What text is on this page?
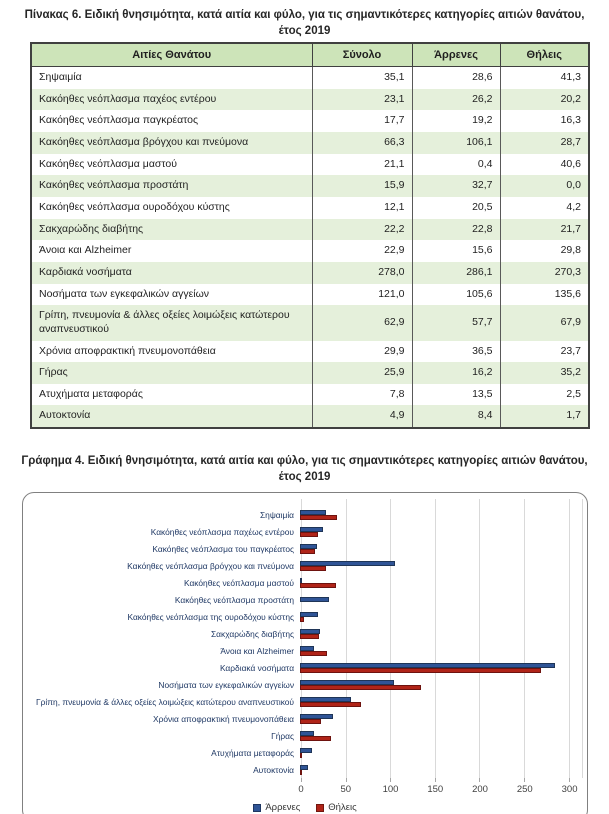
Πίνακας 6. Ειδική θνησιμότητα, κατά αιτία και φύλο, για τις σημαντικότερες κατηγορίες αιτιών θανάτου, έτος 2019
Αιτίες Θανάτου	Σύνολο	Άρρενες	Θήλεις
Σηψαιμία	35,1	28,6	41,3
Κακόηθες νεόπλασμα παχέος εντέρου	23,1	26,2	20,2
Κακόηθες νεόπλασμα παγκρέατος	17,7	19,2	16,3
Κακόηθες νεόπλασμα βρόγχου και πνεύμονα	66,3	106,1	28,7
Κακόηθες νεόπλασμα μαστού	21,1	0,4	40,6
Κακόηθες νεόπλασμα προστάτη	15,9	32,7	0,0
Κακόηθες νεόπλασμα ουροδόχου κύστης	12,1	20,5	4,2
Σακχαρώδης διαβήτης	22,2	22,8	21,7
Άνοια και Alzheimer	22,9	15,6	29,8
Καρδιακά νοσήματα	278,0	286,1	270,3
Νοσήματα των εγκεφαλικών αγγείων	121,0	105,6	135,6
Γρίπη, πνευμονία & άλλες οξείες λοιμώξεις κατώτερου αναπνευστικού	62,9	57,7	67,9
Χρόνια αποφρακτική πνευμονοπάθεια	29,9	36,5	23,7
Γήρας	25,9	16,2	35,2
Ατυχήματα μεταφοράς	7,8	13,5	2,5
Αυτοκτονία	4,9	8,4	1,7
Γράφημα 4. Ειδική θνησιμότητα, κατά αιτία και φύλο, για τις σημαντικότερες κατηγορίες αιτιών θανάτου, έτος 2019
Σηψαιμία
Κακόηθες νεόπλασμα παχέως εντέρου
Κακόηθες νεόπλασμα του παγκρέατος
Κακόηθες νεόπλασμα βρόγχου και πνεύμονα
Κακόηθες νεόπλασμα μαστού
Κακόηθες νεόπλασμα προστάτη
Κακόηθες νεόπλασμα της ουροδόχου κύστης
Σακχαρώδης διαβήτης
Άνοια και Alzheimer
Καρδιακά νοσήματα
Νοσήματα των εγκεφαλικών αγγείων
Γρίπη, πνευμονία & άλλες οξείες λοιμώξεις κατώτερου αναπνευστικού
Χρόνια αποφρακτική πνευμονοπάθεια
Γήρας
Ατυχήματα μεταφοράς
Αυτοκτονία
0	50	100	150	200	250	300
Άρρενες	Θήλεις
